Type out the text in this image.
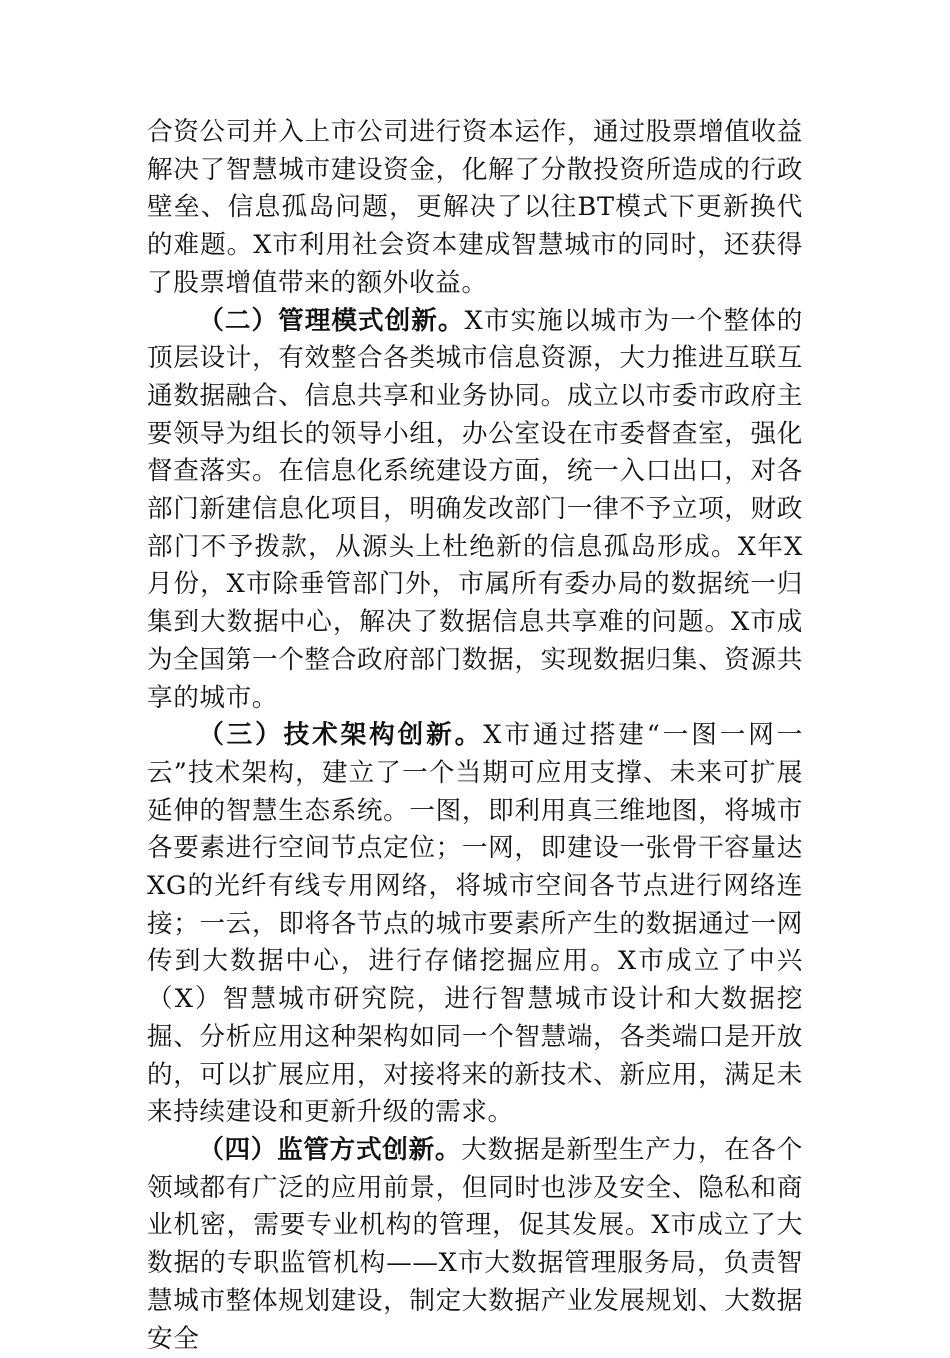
合资公司并入上市公司进行资本运作，通过股票增值收益解决了智慧城市建设资金，化解了分散投资所造成的行政壁垒、信息孤岛问题，更解决了以往BT模式下更新换代的难题。X市利用社会资本建成智慧城市的同时，还获得了股票增值带来的额外收益。

（二）管理模式创新。X市实施以城市为一个整体的顶层设计，有效整合各类城市信息资源，大力推进互联互通数据融合、信息共享和业务协同。成立以市委市政府主要领导为组长的领导小组，办公室设在市委督查室，强化督查落实。在信息化系统建设方面，统一入口出口，对各部门新建信息化项目，明确发改部门一律不予立项，财政部门不予拨款，从源头上杜绝新的信息孤岛形成。X年X月份，X市除垂管部门外，市属所有委办局的数据统一归集到大数据中心，解决了数据信息共享难的问题。X市成为全国第一个整合政府部门数据，实现数据归集、资源共享的城市。

（三）技术架构创新。X市通过搭建“一图一网一云”技术架构，建立了一个当期可应用支撑、未来可扩展延伸的智慧生态系统。一图，即利用真三维地图，将城市各要素进行空间节点定位；一网，即建设一张骨干容量达XG的光纤有线专用网络，将城市空间各节点进行网络连接；一云，即将各节点的城市要素所产生的数据通过一网传到大数据中心，进行存储挖掘应用。X市成立了中兴（X）智慧城市研究院，进行智慧城市设计和大数据挖掘、分析应用这种架构如同一个智慧端，各类端口是开放的，可以扩展应用，对接将来的新技术、新应用，满足未来持续建设和更新升级的需求。

（四）监管方式创新。大数据是新型生产力，在各个领域都有广泛的应用前景，但同时也涉及安全、隐私和商业机密，需要专业机构的管理，促其发展。X市成立了大数据的专职监管机构——X市大数据管理服务局，负责智慧城市整体规划建设，制定大数据产业发展规划、大数据安全
